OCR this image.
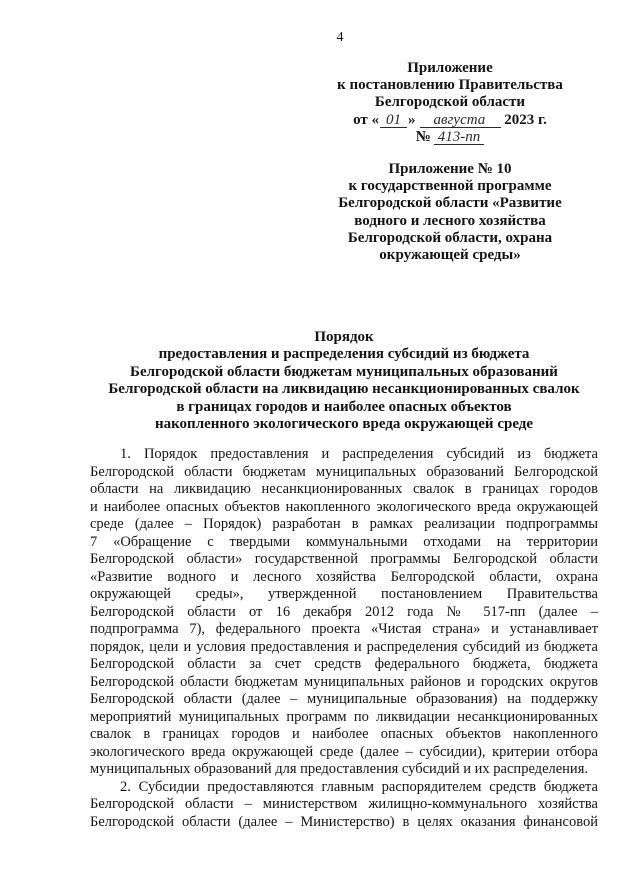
4
Приложение
к постановлению Правительства
Белгородской области
от « 01 » августа 2023 г.
№ 413-пп
Приложение № 10
к государственной программе
Белгородской области «Развитие
водного и лесного хозяйства
Белгородской области, охрана
окружающей среды»
Порядок
предоставления и распределения субсидий из бюджета
Белгородской области бюджетам муниципальных образований
Белгородской области на ликвидацию несанкционированных свалок
в границах городов и наиболее опасных объектов
накопленного экологического вреда окружающей среде
1. Порядок предоставления и распределения субсидий из бюджета
Белгородской области бюджетам муниципальных образований Белгородской
области на ликвидацию несанкционированных свалок в границах городов
и наиболее опасных объектов накопленного экологического вреда окружающей
среде (далее – Порядок) разработан в рамках реализации подпрограммы
7 «Обращение с твердыми коммунальными отходами на территории
Белгородской области» государственной программы Белгородской области
«Развитие водного и лесного хозяйства Белгородской области, охрана
окружающей среды», утвержденной постановлением Правительства
Белгородской области от 16 декабря 2012 года № 517-пп (далее –
подпрограмма 7), федерального проекта «Чистая страна» и устанавливает
порядок, цели и условия предоставления и распределения субсидий из бюджета
Белгородской области за счет средств федерального бюджета, бюджета
Белгородской области бюджетам муниципальных районов и городских округов
Белгородской области (далее – муниципальные образования) на поддержку
мероприятий муниципальных программ по ликвидации несанкционированных
свалок в границах городов и наиболее опасных объектов накопленного
экологического вреда окружающей среде (далее – субсидии), критерии отбора
муниципальных образований для предоставления субсидий и их распределения.
2. Субсидии предоставляются главным распорядителем средств бюджета
Белгородской области – министерством жилищно-коммунального хозяйства
Белгородской области (далее – Министерство) в целях оказания финансовой
